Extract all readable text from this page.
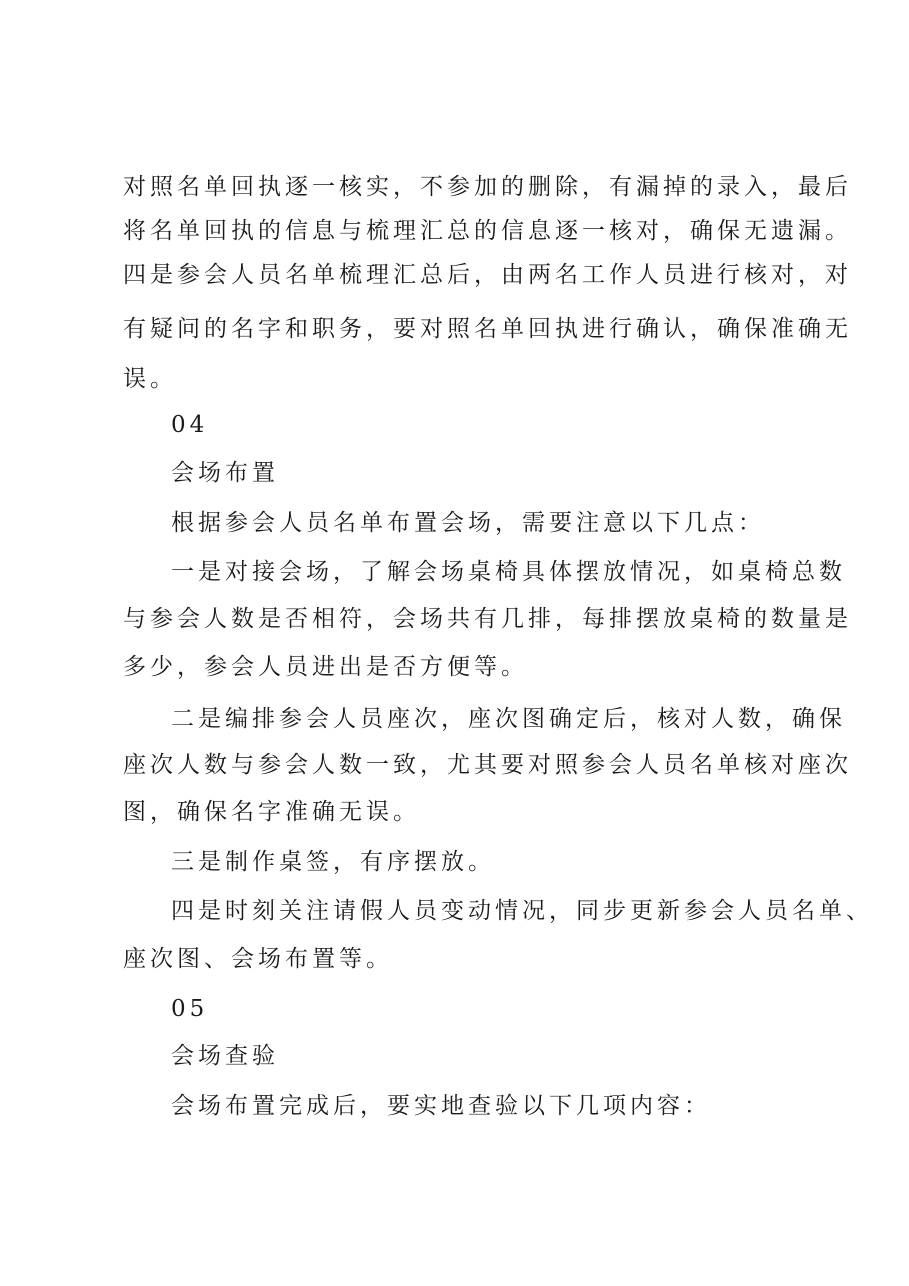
对照名单回执逐一核实，不参加的删除，有漏掉的录入，最后
将名单回执的信息与梳理汇总的信息逐一核对，确保无遗漏。
四是参会人员名单梳理汇总后，由两名工作人员进行核对，对
有疑问的名字和职务，要对照名单回执进行确认，确保准确无
误。
04
会场布置
根据参会人员名单布置会场，需要注意以下几点：
一是对接会场，了解会场桌椅具体摆放情况，如桌椅总数
与参会人数是否相符，会场共有几排，每排摆放桌椅的数量是
多少，参会人员进出是否方便等。
二是编排参会人员座次，座次图确定后，核对人数，确保
座次人数与参会人数一致，尤其要对照参会人员名单核对座次
图，确保名字准确无误。
三是制作桌签，有序摆放。
四是时刻关注请假人员变动情况，同步更新参会人员名单、
座次图、会场布置等。
05
会场查验
会场布置完成后，要实地查验以下几项内容：
